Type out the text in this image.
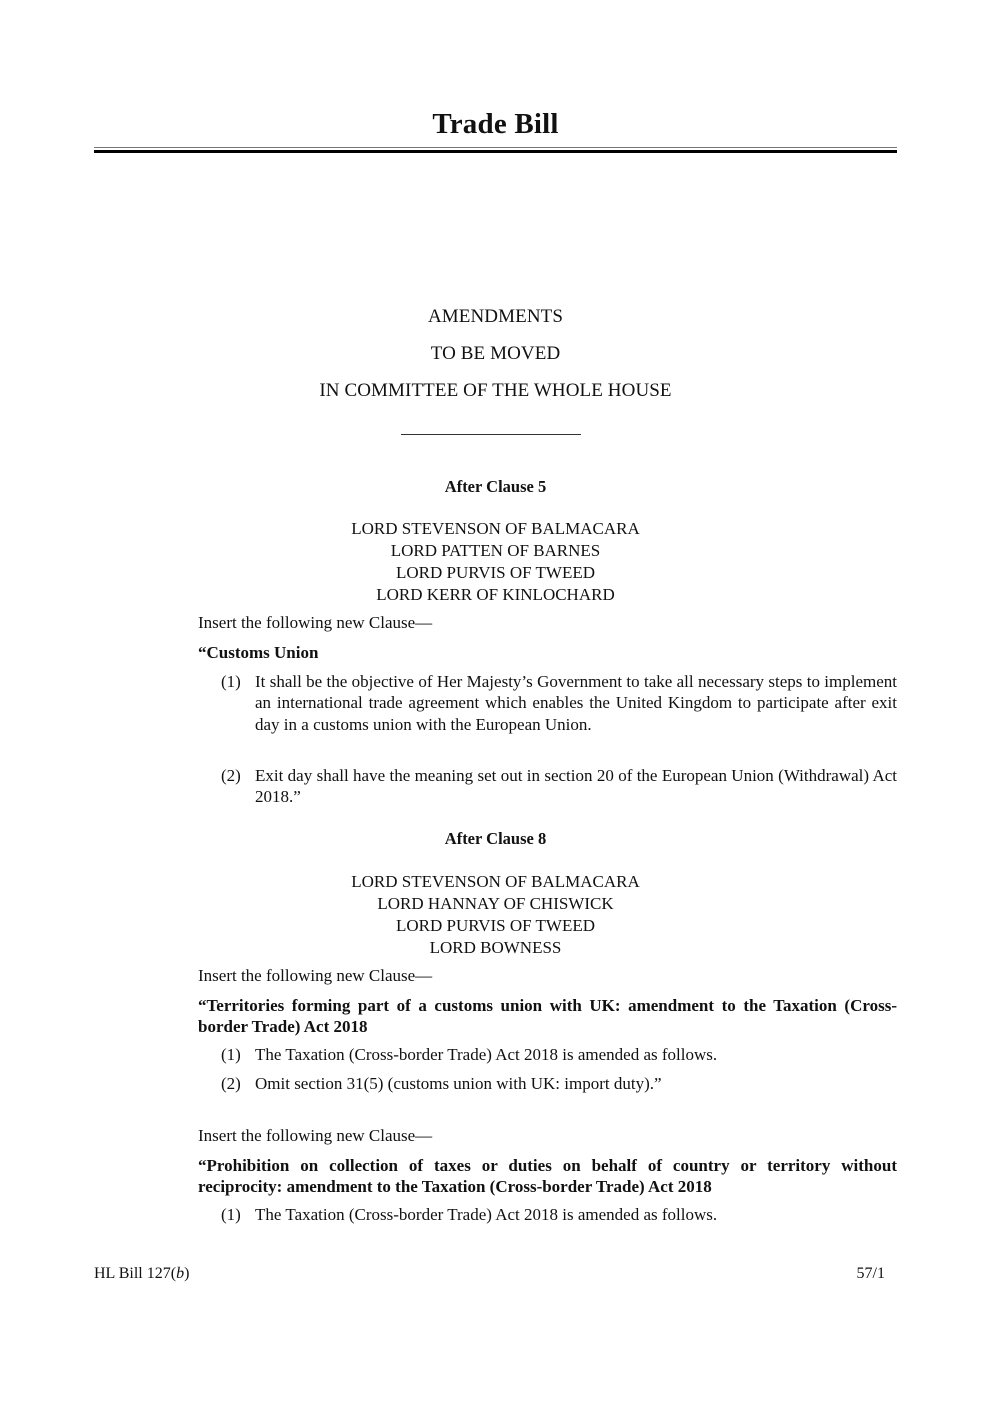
Trade Bill
AMENDMENTS
TO BE MOVED
IN COMMITTEE OF THE WHOLE HOUSE
After Clause 5
LORD STEVENSON OF BALMACARA
LORD PATTEN OF BARNES
LORD PURVIS OF TWEED
LORD KERR OF KINLOCHARD
Insert the following new Clause—
“Customs Union
(1) It shall be the objective of Her Majesty’s Government to take all necessary steps to implement an international trade agreement which enables the United Kingdom to participate after exit day in a customs union with the European Union.
(2) Exit day shall have the meaning set out in section 20 of the European Union (Withdrawal) Act 2018.”
After Clause 8
LORD STEVENSON OF BALMACARA
LORD HANNAY OF CHISWICK
LORD PURVIS OF TWEED
LORD BOWNESS
Insert the following new Clause—
“Territories forming part of a customs union with UK: amendment to the Taxation (Cross-border Trade) Act 2018
(1) The Taxation (Cross-border Trade) Act 2018 is amended as follows.
(2) Omit section 31(5) (customs union with UK: import duty).”
Insert the following new Clause—
“Prohibition on collection of taxes or duties on behalf of country or territory without reciprocity: amendment to the Taxation (Cross-border Trade) Act 2018
(1) The Taxation (Cross-border Trade) Act 2018 is amended as follows.
HL Bill 127(b)	57/1
